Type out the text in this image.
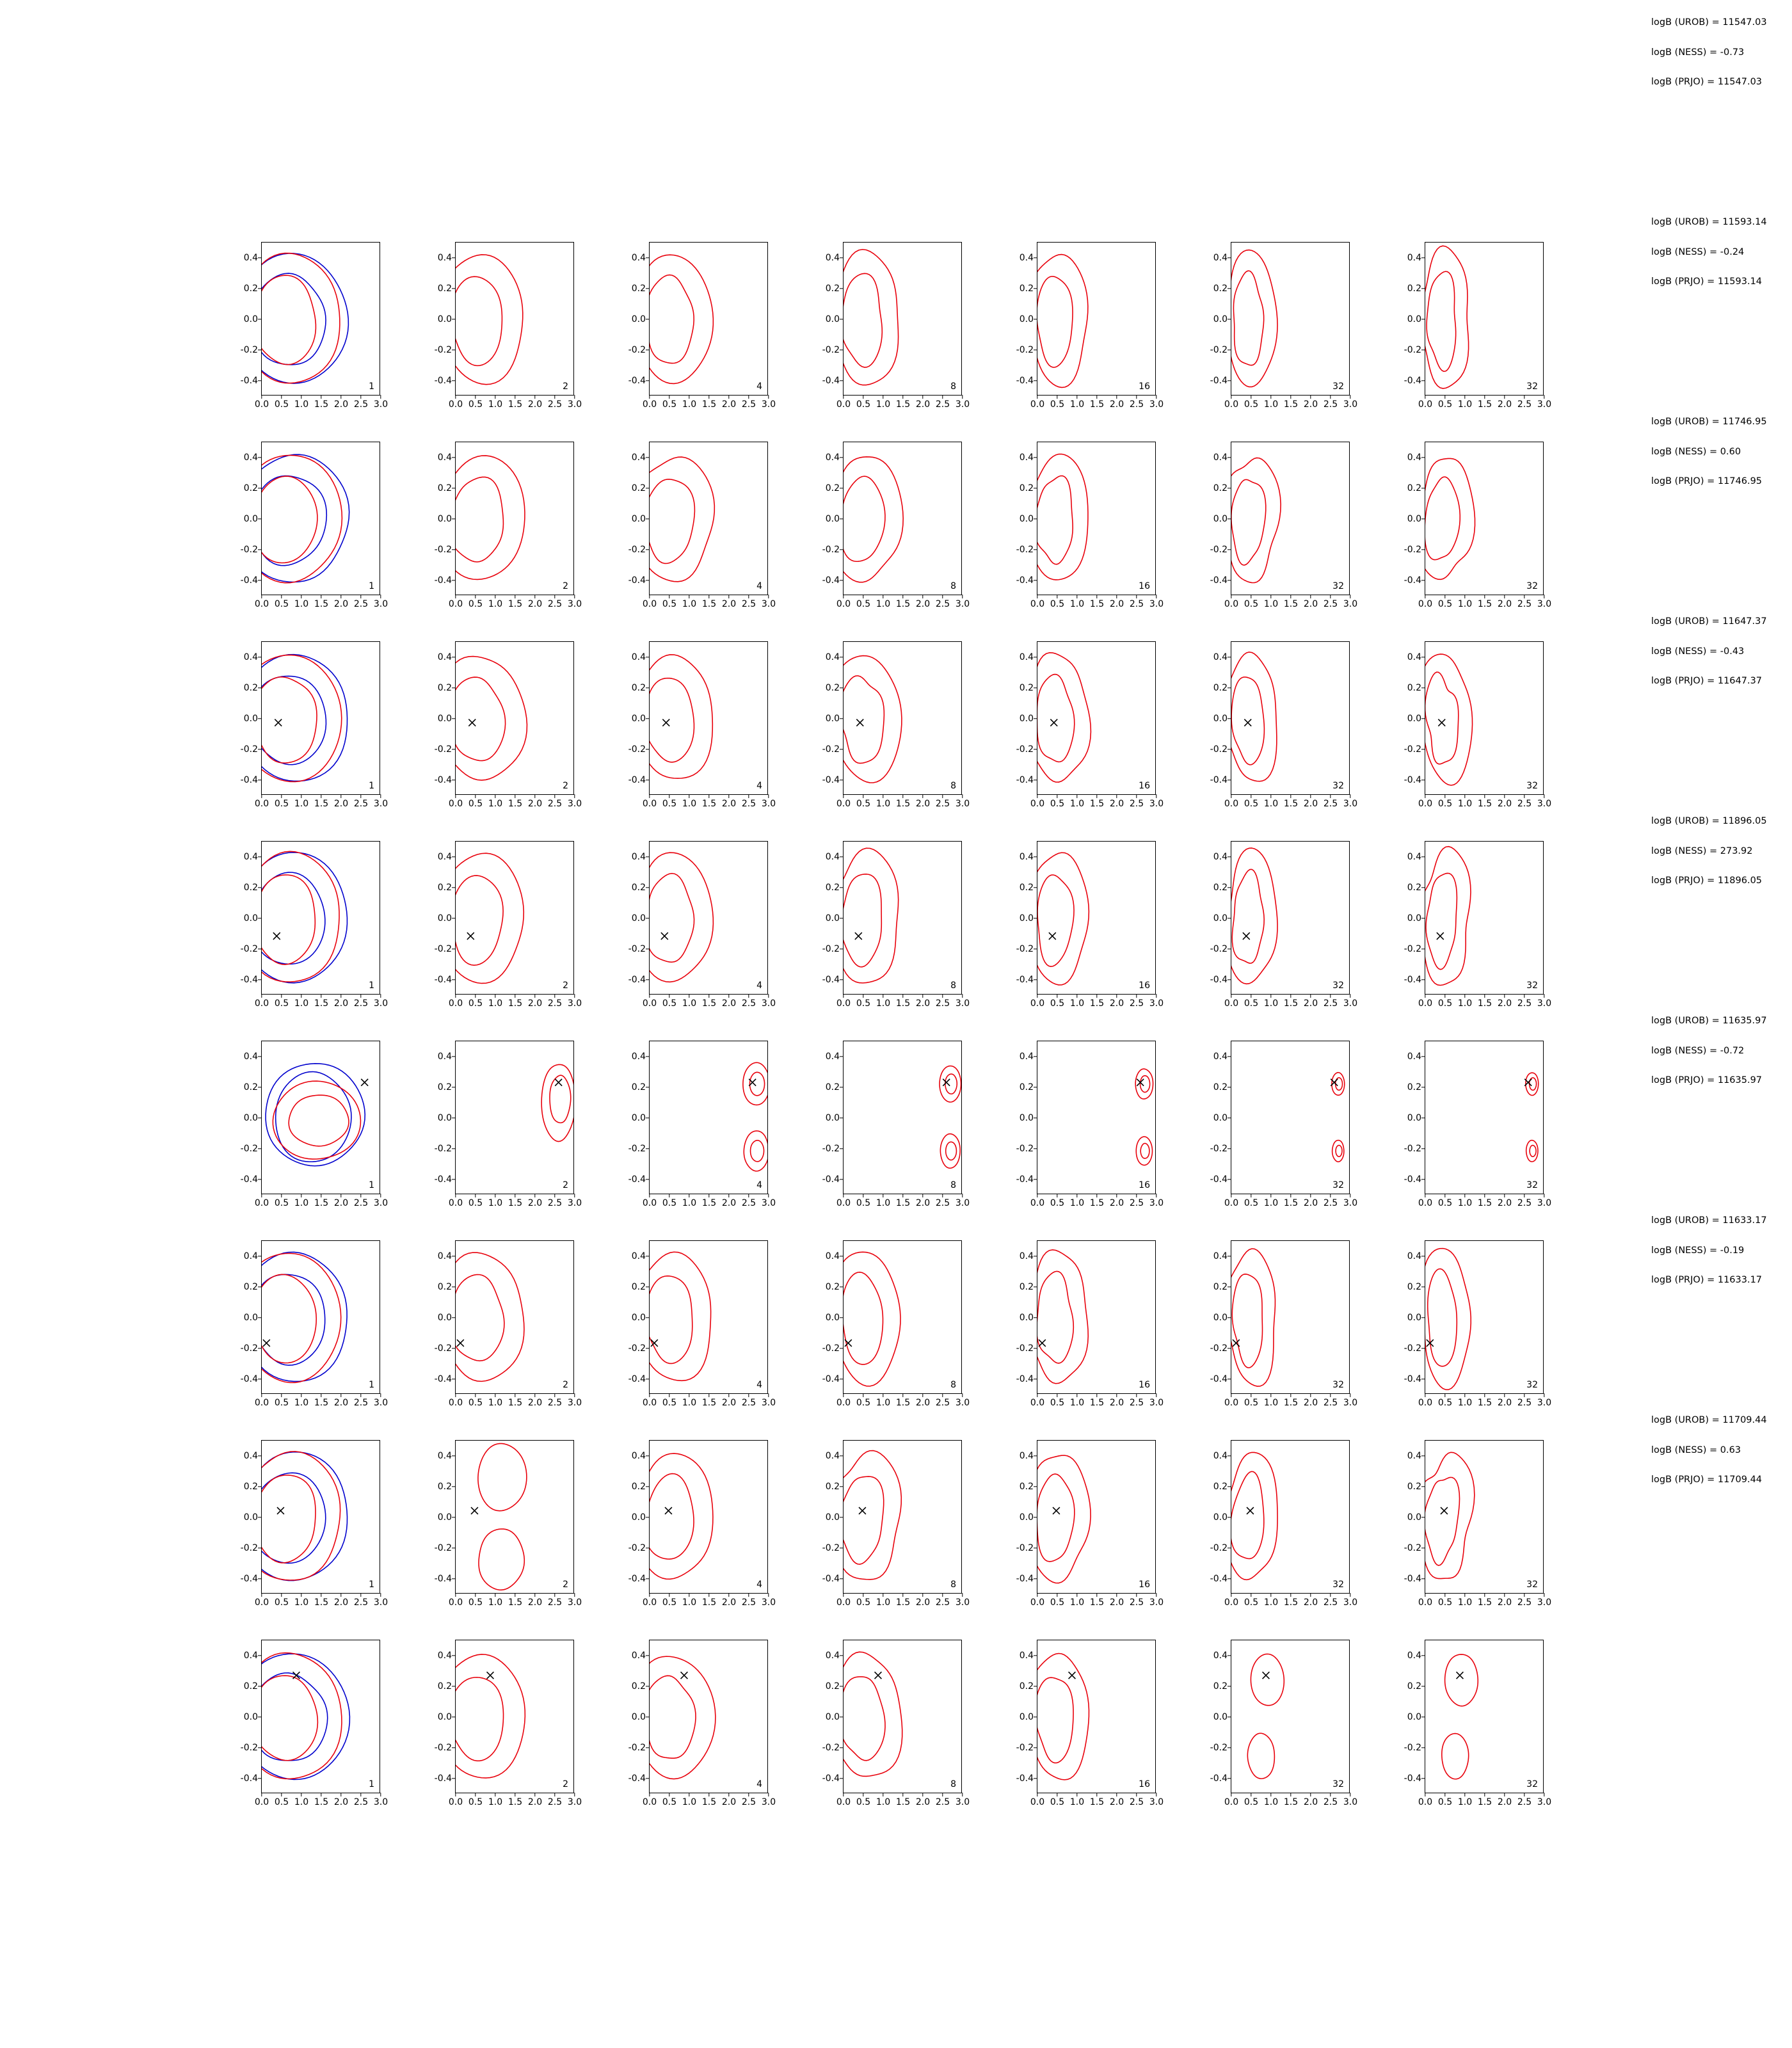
-0.4
-0.2
0.0
0.2
0.4
0.0 0.5 1.0 1.5 2.0 2.5 3.0
1
-0.4
-0.2
0.0
0.2
0.4
0.0 0.5 1.0 1.5 2.0 2.5 3.0
2
-0.4
-0.2
0.0
0.2
0.4
0.0 0.5 1.0 1.5 2.0 2.5 3.0
4
-0.4
-0.2
0.0
0.2
0.4
0.0 0.5 1.0 1.5 2.0 2.5 3.0
8
-0.4
-0.2
0.0
0.2
0.4
0.0 0.5 1.0 1.5 2.0 2.5 3.0
16
-0.4
-0.2
0.0
0.2
0.4
0.0 0.5 1.0 1.5 2.0 2.5 3.0
32
-0.4
-0.2
0.0
0.2
0.4
0.0 0.5 1.0 1.5 2.0 2.5 3.0
32
-0.4
-0.2
0.0
0.2
0.4
0.0 0.5 1.0 1.5 2.0 2.5 3.0
1
-0.4
-0.2
0.0
0.2
0.4
0.0 0.5 1.0 1.5 2.0 2.5 3.0
2
-0.4
-0.2
0.0
0.2
0.4
0.0 0.5 1.0 1.5 2.0 2.5 3.0
4
-0.4
-0.2
0.0
0.2
0.4
0.0 0.5 1.0 1.5 2.0 2.5 3.0
8
-0.4
-0.2
0.0
0.2
0.4
0.0 0.5 1.0 1.5 2.0 2.5 3.0
16
-0.4
-0.2
0.0
0.2
0.4
0.0 0.5 1.0 1.5 2.0 2.5 3.0
32
-0.4
-0.2
0.0
0.2
0.4
0.0 0.5 1.0 1.5 2.0 2.5 3.0
32
-0.4
-0.2
0.0
0.2
0.4
0.0 0.5 1.0 1.5 2.0 2.5 3.0
1
-0.4
-0.2
0.0
0.2
0.4
0.0 0.5 1.0 1.5 2.0 2.5 3.0
2
-0.4
-0.2
0.0
0.2
0.4
0.0 0.5 1.0 1.5 2.0 2.5 3.0
4
-0.4
-0.2
0.0
0.2
0.4
0.0 0.5 1.0 1.5 2.0 2.5 3.0
8
-0.4
-0.2
0.0
0.2
0.4
0.0 0.5 1.0 1.5 2.0 2.5 3.0
16
-0.4
-0.2
0.0
0.2
0.4
0.0 0.5 1.0 1.5 2.0 2.5 3.0
32
-0.4
-0.2
0.0
0.2
0.4
0.0 0.5 1.0 1.5 2.0 2.5 3.0
32
-0.4
-0.2
0.0
0.2
0.4
0.0 0.5 1.0 1.5 2.0 2.5 3.0
1
-0.4
-0.2
0.0
0.2
0.4
0.0 0.5 1.0 1.5 2.0 2.5 3.0
2
-0.4
-0.2
0.0
0.2
0.4
0.0 0.5 1.0 1.5 2.0 2.5 3.0
4
-0.4
-0.2
0.0
0.2
0.4
0.0 0.5 1.0 1.5 2.0 2.5 3.0
8
-0.4
-0.2
0.0
0.2
0.4
0.0 0.5 1.0 1.5 2.0 2.5 3.0
16
-0.4
-0.2
0.0
0.2
0.4
0.0 0.5 1.0 1.5 2.0 2.5 3.0
32
-0.4
-0.2
0.0
0.2
0.4
0.0 0.5 1.0 1.5 2.0 2.5 3.0
32
-0.4
-0.2
0.0
0.2
0.4
0.0 0.5 1.0 1.5 2.0 2.5 3.0
1
-0.4
-0.2
0.0
0.2
0.4
0.0 0.5 1.0 1.5 2.0 2.5 3.0
2
-0.4
-0.2
0.0
0.2
0.4
0.0 0.5 1.0 1.5 2.0 2.5 3.0
4
-0.4
-0.2
0.0
0.2
0.4
0.0 0.5 1.0 1.5 2.0 2.5 3.0
8
-0.4
-0.2
0.0
0.2
0.4
0.0 0.5 1.0 1.5 2.0 2.5 3.0
16
-0.4
-0.2
0.0
0.2
0.4
0.0 0.5 1.0 1.5 2.0 2.5 3.0
32
-0.4
-0.2
0.0
0.2
0.4
0.0 0.5 1.0 1.5 2.0 2.5 3.0
32
-0.4
-0.2
0.0
0.2
0.4
0.0 0.5 1.0 1.5 2.0 2.5 3.0
1
-0.4
-0.2
0.0
0.2
0.4
0.0 0.5 1.0 1.5 2.0 2.5 3.0
2
-0.4
-0.2
0.0
0.2
0.4
0.0 0.5 1.0 1.5 2.0 2.5 3.0
4
-0.4
-0.2
0.0
0.2
0.4
0.0 0.5 1.0 1.5 2.0 2.5 3.0
8
-0.4
-0.2
0.0
0.2
0.4
0.0 0.5 1.0 1.5 2.0 2.5 3.0
16
-0.4
-0.2
0.0
0.2
0.4
0.0 0.5 1.0 1.5 2.0 2.5 3.0
32
-0.4
-0.2
0.0
0.2
0.4
0.0 0.5 1.0 1.5 2.0 2.5 3.0
32
-0.4
-0.2
0.0
0.2
0.4
0.0 0.5 1.0 1.5 2.0 2.5 3.0
1
-0.4
-0.2
0.0
0.2
0.4
0.0 0.5 1.0 1.5 2.0 2.5 3.0
2
-0.4
-0.2
0.0
0.2
0.4
0.0 0.5 1.0 1.5 2.0 2.5 3.0
4
-0.4
-0.2
0.0
0.2
0.4
0.0 0.5 1.0 1.5 2.0 2.5 3.0
8
-0.4
-0.2
0.0
0.2
0.4
0.0 0.5 1.0 1.5 2.0 2.5 3.0
16
-0.4
-0.2
0.0
0.2
0.4
0.0 0.5 1.0 1.5 2.0 2.5 3.0
32
-0.4
-0.2
0.0
0.2
0.4
0.0 0.5 1.0 1.5 2.0 2.5 3.0
32
-0.4
-0.2
0.0
0.2
0.4
0.0 0.5 1.0 1.5 2.0 2.5 3.0
1
-0.4
-0.2
0.0
0.2
0.4
0.0 0.5 1.0 1.5 2.0 2.5 3.0
2
-0.4
-0.2
0.0
0.2
0.4
0.0 0.5 1.0 1.5 2.0 2.5 3.0
4
-0.4
-0.2
0.0
0.2
0.4
0.0 0.5 1.0 1.5 2.0 2.5 3.0
8
-0.4
-0.2
0.0
0.2
0.4
0.0 0.5 1.0 1.5 2.0 2.5 3.0
16
-0.4
-0.2
0.0
0.2
0.4
0.0 0.5 1.0 1.5 2.0 2.5 3.0
32
-0.4
-0.2
0.0
0.2
0.4
0.0 0.5 1.0 1.5 2.0 2.5 3.0
32
logB (UROB) = 11547.03
logB (NESS) = -0.73
logB (PRJO) = 11547.03
logB (UROB) = 11593.14
logB (NESS) = -0.24
logB (PRJO) = 11593.14
logB (UROB) = 11746.95
logB (NESS) = 0.60
logB (PRJO) = 11746.95
logB (UROB) = 11647.37
logB (NESS) = -0.43
logB (PRJO) = 11647.37
logB (UROB) = 11896.05
logB (NESS) = 273.92
logB (PRJO) = 11896.05
logB (UROB) = 11635.97
logB (NESS) = -0.72
logB (PRJO) = 11635.97
logB (UROB) = 11633.17
logB (NESS) = -0.19
logB (PRJO) = 11633.17
logB (UROB) = 11709.44
logB (NESS) = 0.63
logB (PRJO) = 11709.44
